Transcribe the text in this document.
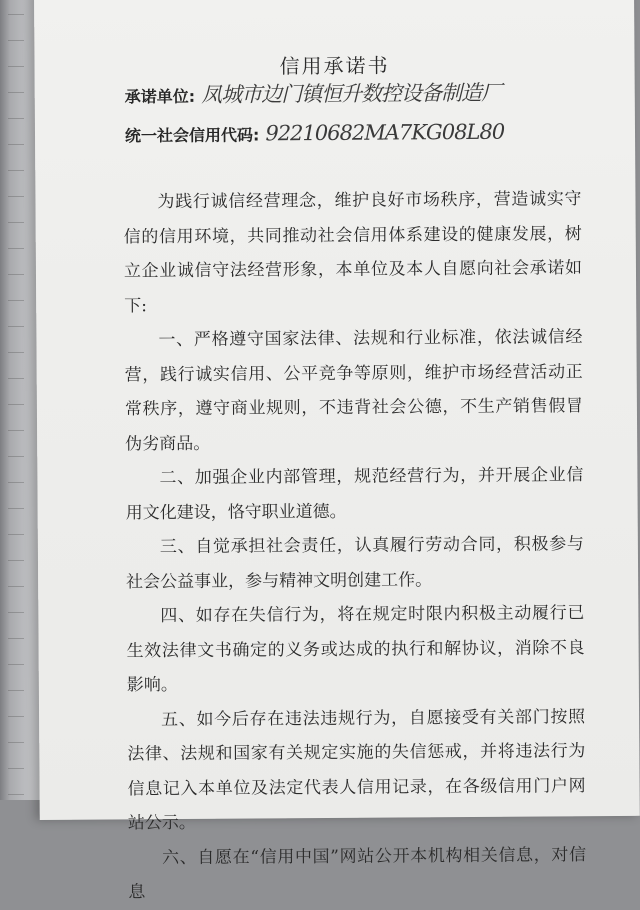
信用承诺书
承诺单位: 凤城市边门镇恒升数控设备制造厂
统一社会信用代码: 92210682MA7KG08L80

为践行诚信经营理念，维护良好市场秩序，营造诚实守信的信用环境，共同推动社会信用体系建设的健康发展，树立企业诚信守法经营形象，本单位及本人自愿向社会承诺如下:

一、严格遵守国家法律、法规和行业标准，依法诚信经营，践行诚实信用、公平竞争等原则，维护市场经营活动正常秩序，遵守商业规则，不违背社会公德，不生产销售假冒伪劣商品。

二、加强企业内部管理，规范经营行为，并开展企业信用文化建设，恪守职业道德。

三、自觉承担社会责任，认真履行劳动合同，积极参与社会公益事业，参与精神文明创建工作。

四、如存在失信行为，将在规定时限内积极主动履行已生效法律文书确定的义务或达成的执行和解协议，消除不良影响。

五、如今后存在违法违规行为，自愿接受有关部门按照法律、法规和国家有关规定实施的失信惩戒，并将违法行为信息记入本单位及法定代表人信用记录，在各级信用门户网站公示。

六、自愿在“信用中国”网站公开本机构相关信息，对信息
